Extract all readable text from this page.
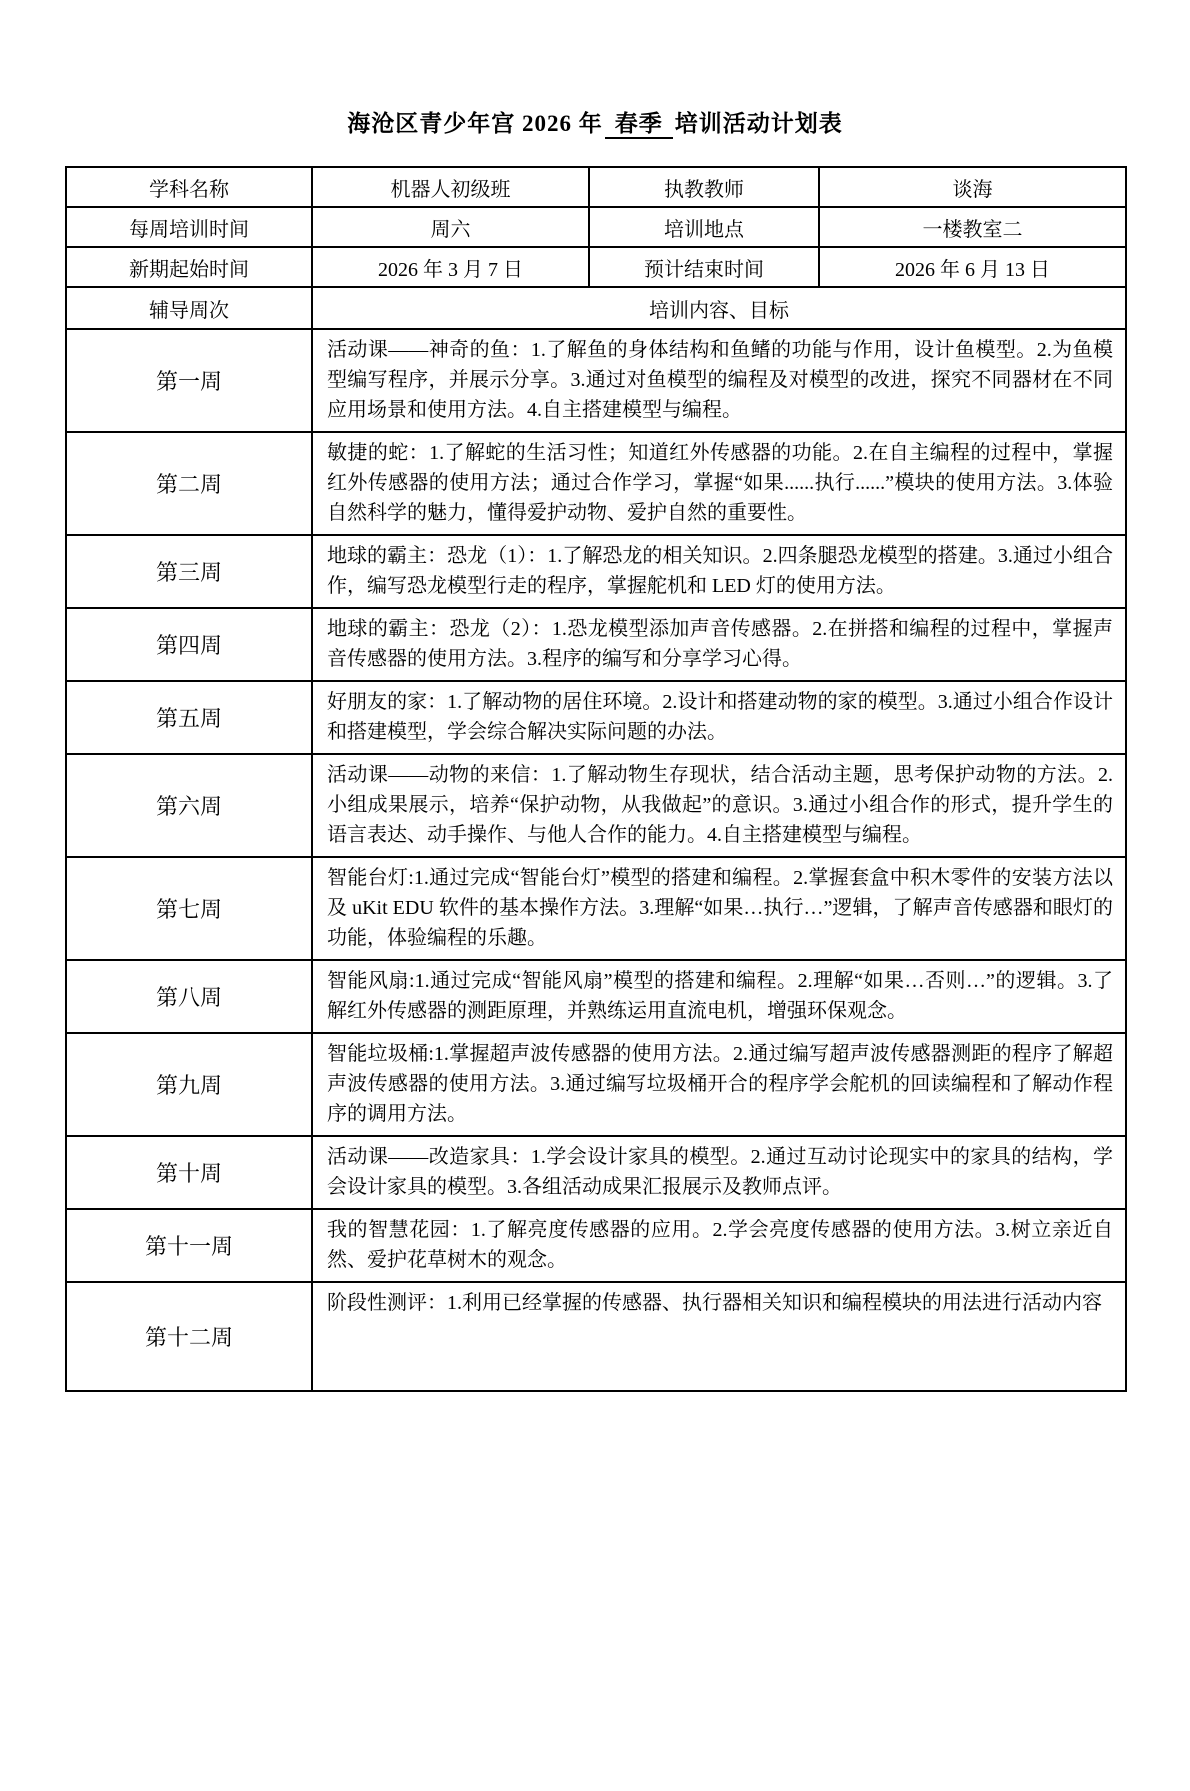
海沧区青少年宫 2026 年 春季 培训活动计划表
学科名称	机器人初级班	执教教师	谈海
每周培训时间	周六	培训地点	一楼教室二
新期起始时间	2026 年 3 月 7 日	预计结束时间	2026 年 6 月 13 日
辅导周次	培训内容、目标		
第一周	活动课——神奇的鱼：1.了解鱼的身体结构和鱼鳍的功能与作用，设计鱼模型。2.为鱼模型编写程序，并展示分享。3.通过对鱼模型的编程及对模型的改进，探究不同器材在不同应用场景和使用方法。4.自主搭建模型与编程。		
第二周	敏捷的蛇：1.了解蛇的生活习性；知道红外传感器的功能。2.在自主编程的过程中，掌握红外传感器的使用方法；通过合作学习，掌握“如果......执行......”模块的使用方法。3.体验自然科学的魅力，懂得爱护动物、爱护自然的重要性。		
第三周	地球的霸主：恐龙（1）：1.了解恐龙的相关知识。2.四条腿恐龙模型的搭建。3.通过小组合作，编写恐龙模型行走的程序，掌握舵机和 LED 灯的使用方法。		
第四周	地球的霸主：恐龙（2）：1.恐龙模型添加声音传感器。2.在拼搭和编程的过程中，掌握声音传感器的使用方法。3.程序的编写和分享学习心得。		
第五周	好朋友的家：1.了解动物的居住环境。2.设计和搭建动物的家的模型。3.通过小组合作设计和搭建模型，学会综合解决实际问题的办法。		
第六周	活动课——动物的来信：1.了解动物生存现状，结合活动主题，思考保护动物的方法。2.小组成果展示，培养“保护动物，从我做起”的意识。3.通过小组合作的形式，提升学生的语言表达、动手操作、与他人合作的能力。4.自主搭建模型与编程。		
第七周	智能台灯:1.通过完成“智能台灯”模型的搭建和编程。2.掌握套盒中积木零件的安装方法以及 uKit EDU 软件的基本操作方法。3.理解“如果…执行…”逻辑，了解声音传感器和眼灯的功能，体验编程的乐趣。		
第八周	智能风扇:1.通过完成“智能风扇”模型的搭建和编程。2.理解“如果…否则…”的逻辑。3.了解红外传感器的测距原理，并熟练运用直流电机，增强环保观念。		
第九周	智能垃圾桶:1.掌握超声波传感器的使用方法。2.通过编写超声波传感器测距的程序了解超声波传感器的使用方法。3.通过编写垃圾桶开合的程序学会舵机的回读编程和了解动作程序的调用方法。		
第十周	活动课——改造家具：1.学会设计家具的模型。2.通过互动讨论现实中的家具的结构，学会设计家具的模型。3.各组活动成果汇报展示及教师点评。		
第十一周	我的智慧花园：1.了解亮度传感器的应用。2.学会亮度传感器的使用方法。3.树立亲近自然、爱护花草树木的观念。		
第十二周	阶段性测评：1.利用已经掌握的传感器、执行器相关知识和编程模块的用法进行活动内容		
